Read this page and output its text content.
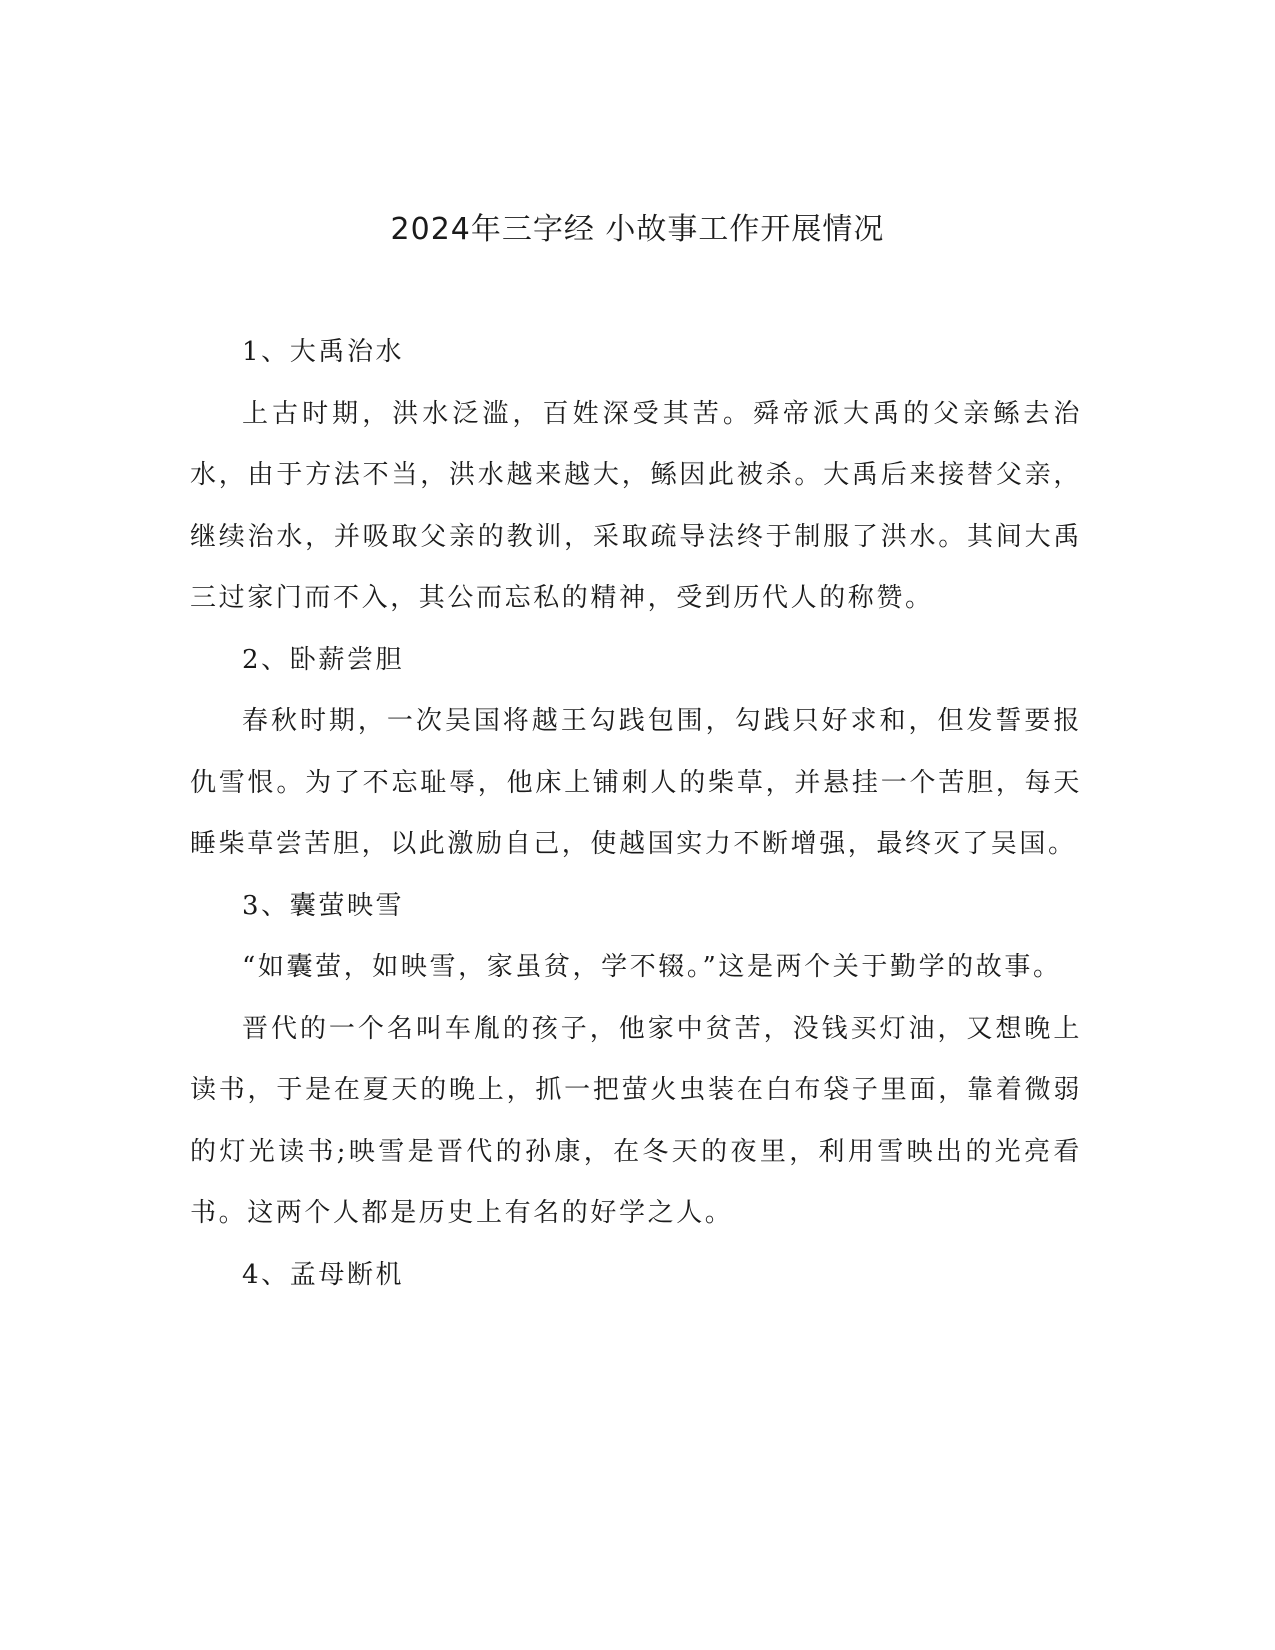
2024年三字经 小故事工作开展情况

1、大禹治水

上古时期，洪水泛滥，百姓深受其苦。舜帝派大禹的父亲鲧去治水，由于方法不当，洪水越来越大，鲧因此被杀。大禹后来接替父亲，继续治水，并吸取父亲的教训，采取疏导法终于制服了洪水。其间大禹三过家门而不入，其公而忘私的精神，受到历代人的称赞。

2、卧薪尝胆

春秋时期，一次吴国将越王勾践包围，勾践只好求和，但发誓要报仇雪恨。为了不忘耻辱，他床上铺刺人的柴草，并悬挂一个苦胆，每天睡柴草尝苦胆，以此激励自己，使越国实力不断增强，最终灭了吴国。

3、囊萤映雪

“如囊萤，如映雪，家虽贫，学不辍。”这是两个关于勤学的故事。

晋代的一个名叫车胤的孩子，他家中贫苦，没钱买灯油，又想晚上读书，于是在夏天的晚上，抓一把萤火虫装在白布袋子里面，靠着微弱的灯光读书;映雪是晋代的孙康，在冬天的夜里，利用雪映出的光亮看书。这两个人都是历史上有名的好学之人。

4、孟母断机
